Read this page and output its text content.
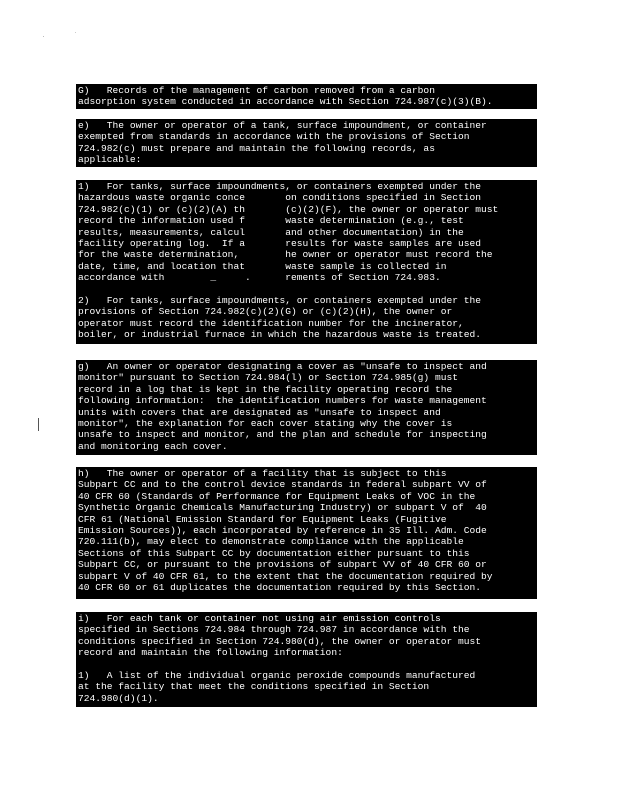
G)   Records of the management of carbon removed from a carbon
adsorption system conducted in accordance with Section 724.987(c)(3)(B).
e)   The owner or operator of a tank, surface impoundment, or container
exempted from standards in accordance with the provisions of Section
724.982(c) must prepare and maintain the following records, as
applicable:
1)   For tanks, surface impoundments, or containers exempted under the
hazardous waste organic conce       on conditions specified in Section
724.982(c)(1) or (c)(2)(A) th       (c)(2)(F), the owner or operator must
record the information used f       waste determination (e.g., test
results, measurements, calcul       and other documentation) in the
facility operating log.  If a       results for waste samples are used
for the waste determination,        he owner or operator must record the
date, time, and location that       waste sample is collected in
accordance with        _     .      rements of Section 724.983.
2)   For tanks, surface impoundments, or containers exempted under the
provisions of Section 724.982(c)(2)(G) or (c)(2)(H), the owner or
operator must record the identification number for the incinerator,
boiler, or industrial furnace in which the hazardous waste is treated.
g)   An owner or operator designating a cover as "unsafe to inspect and
monitor" pursuant to Section 724.984(l) or Section 724.985(g) must
record in a log that is kept in the facility operating record the
following information:  the identification numbers for waste management
units with covers that are designated as "unsafe to inspect and
monitor", the explanation for each cover stating why the cover is
unsafe to inspect and monitor, and the plan and schedule for inspecting
and monitoring each cover.
h)   The owner or operator of a facility that is subject to this
Subpart CC and to the control device standards in federal subpart VV of
40 CFR 60 (Standards of Performance for Equipment Leaks of VOC in the
Synthetic Organic Chemicals Manufacturing Industry) or subpart V of  40
CFR 61 (National Emission Standard for Equipment Leaks (Fugitive
Emission Sources)), each incorporated by reference in 35 Ill. Adm. Code
720.111(b), may elect to demonstrate compliance with the applicable
Sections of this Subpart CC by documentation either pursuant to this
Subpart CC, or pursuant to the provisions of subpart VV of 40 CFR 60 or
subpart V of 40 CFR 61, to the extent that the documentation required by
40 CFR 60 or 61 duplicates the documentation required by this Section.
i)   For each tank or container not using air emission controls
specified in Sections 724.984 through 724.987 in accordance with the
conditions specified in Section 724.980(d), the owner or operator must
record and maintain the following information:
1)   A list of the individual organic peroxide compounds manufactured
at the facility that meet the conditions specified in Section
724.980(d)(1).
